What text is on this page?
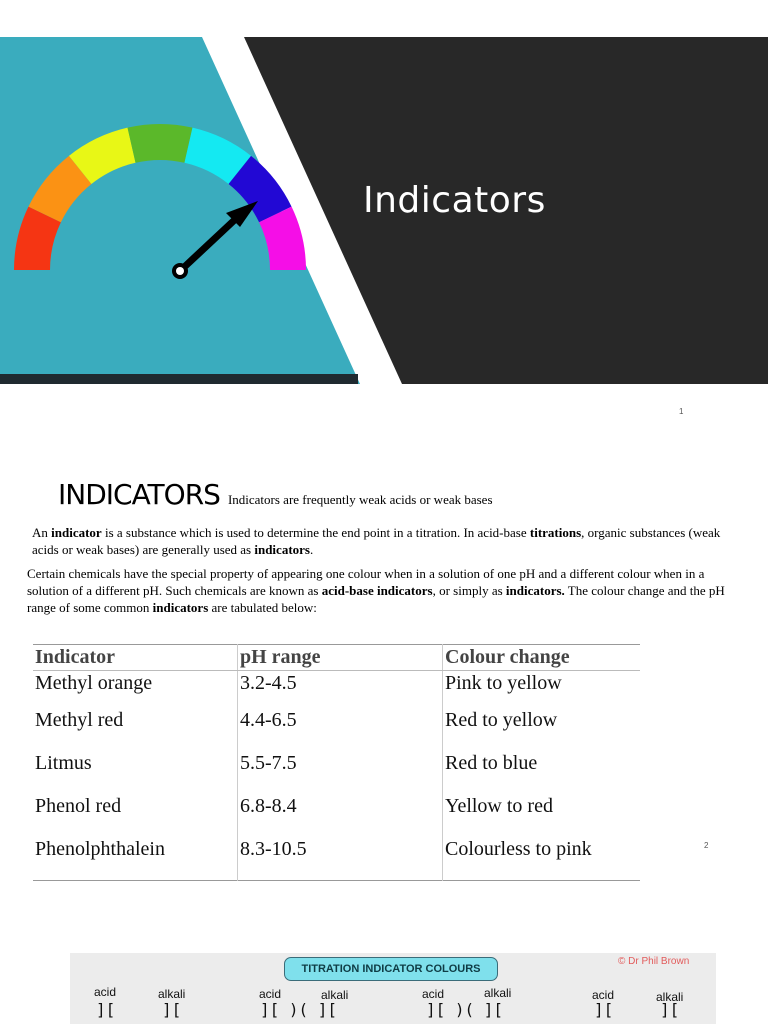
Indicators
1
INDICATORS Indicators are frequently weak acids or weak bases
An indicator is a substance which is used to determine the end point in a titration. In acid-base titrations, organic substances (weak acids or weak bases) are generally used as indicators.
Certain chemicals have the special property of appearing one colour when in a solution of one pH and a different colour when in a solution of a different pH. Such chemicals are known as acid-base indicators, or simply as indicators. The colour change and the pH range of some common indicators are tabulated below:
Indicator	pH range	Colour change
Methyl orange	3.2-4.5	Pink to yellow
Methyl red	4.4-6.5	Red to yellow
Litmus	5.5-7.5	Red to blue
Phenol red	6.8-8.4	Yellow to red
Phenolphthalein	8.3-10.5	Colourless to pink	2
TITRATION INDICATOR COLOURS
© Dr Phil Brown
acid	alkali	acid	alkali	acid	alkali	acid	alkali
][	][	][ )( ][	][ )( ][	][	][
